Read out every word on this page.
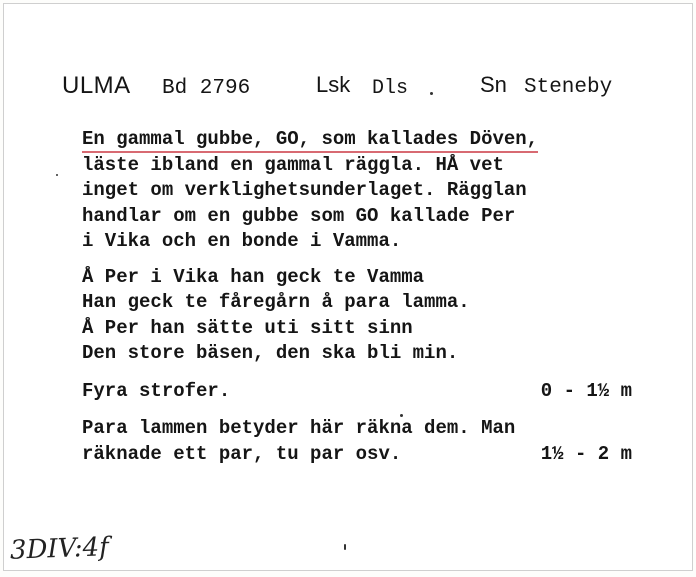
ULMA Bd 2796	Lsk Dls	Sn Steneby
En gammal gubbe, GO, som kallades Döven,
läste ibland en gammal räggla. HÅ vet
inget om verklighetsunderlaget. Rägglan
handlar om en gubbe som GO kallade Per
i Vika och en bonde i Vamma.
Å Per i Vika han geck te Vamma
Han geck te fåregårn å para lamma.
Å Per han sätte uti sitt sinn
Den store bäsen, den ska bli min.
Fyra strofer.	0 - 1½ m
Para lammen betyder här räkna dem. Man
räknade ett par, tu par osv.	1½ - 2 m
3DIV:4f
